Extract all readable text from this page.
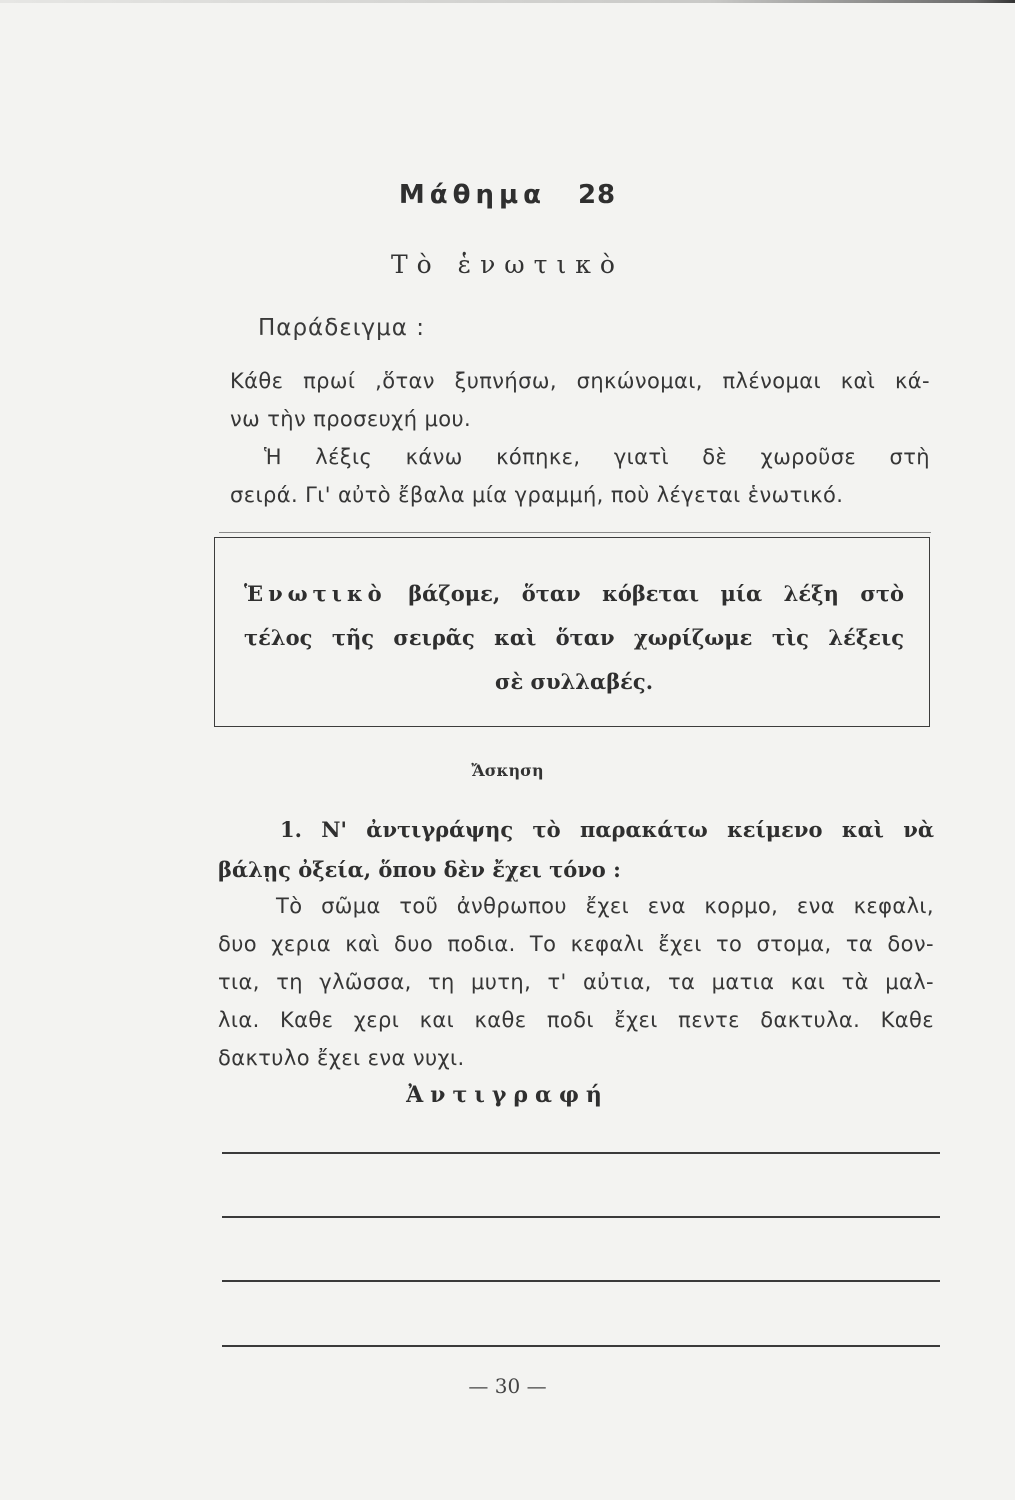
Μάθημα 28
Τὸ ἑνωτικὸ
Παράδειγμα :
Κάθε πρωί ,ὅταν ξυπνήσω, σηκώνομαι, πλένομαι καὶ κά-
νω τὴν προσευχή μου.
Ἡ λέξις κάνω κόπηκε, γιατὶ δὲ χωροῦσε στὴ
σειρά. Γι' αὐτὸ ἔβαλα μία γραμμή, ποὺ λέγεται ἑνωτικό.
Ἑνωτικὸ βάζομε, ὅταν κόβεται μία λέξη στὸ
τέλος τῆς σειρᾶς καὶ ὅταν χωρίζωμε τὶς λέξεις
σὲ συλλαβές.
Ἄσκηση
1. Ν' ἀντιγράψης τὸ παρακάτω κείμενο καὶ νὰ
βάλῃς ὀξεία, ὅπου δὲν ἔχει τόνο :
Τὸ σῶμα τοῦ ἀνθρωπου ἔχει ενα κορμο, ενα κεφαλι,
δυο χερια καὶ δυο ποδια. Το κεφαλι ἔχει το στομα, τα δον-
τια, τη γλῶσσα, τη μυτη, τ' αὐτια, τα ματια και τὰ μαλ-
λια. Καθε χερι και καθε ποδι ἔχει πεντε δακτυλα. Καθε
δακτυλο ἔχει ενα νυχι.
Ἀντιγραφή
— 30 —
